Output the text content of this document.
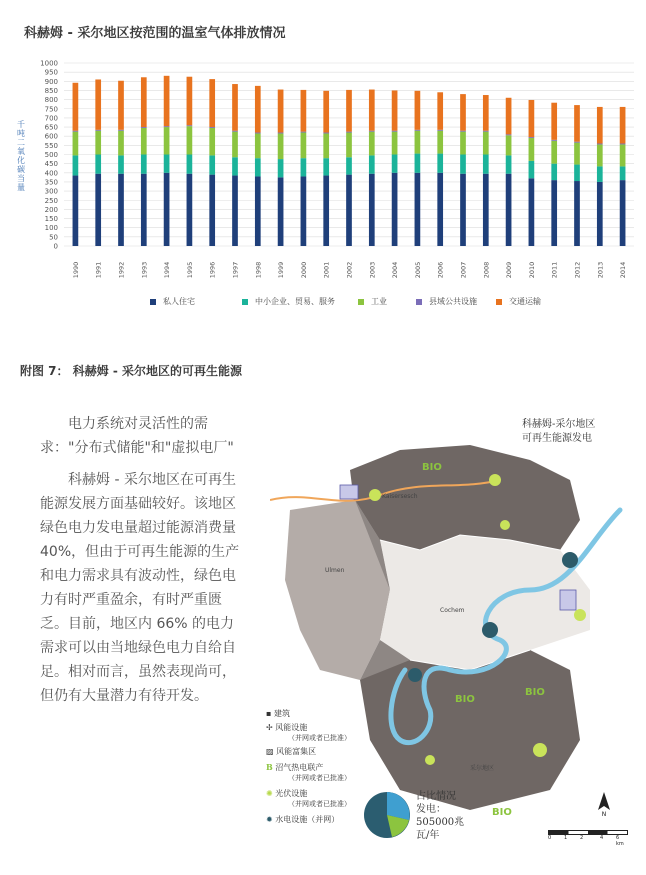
科赫姆 - 采尔地区按范围的温室气体排放情况
千
吨
二
氧
化
碳
当
量
0
50
100
150
200
250
300
350
400
450
500
550
600
650
700
750
800
850
900
950
1000
1990 1991 1992 1993 1994 1995 1996 1997 1998 1999 2000 2001 2002 2003 2004 2005 2006 2007 2008 2009 2010 2011 2012 2013 2014
私人住宅	中小企业、贸易、服务	工业	县域公共设施	交通运输
附图 7： 科赫姆 - 采尔地区的可再生能源

电力系统对灵活性的需求："分布式储能"和"虚拟电厂"

科赫姆 - 采尔地区在可再生能源发展方面基础较好。该地区绿色电力发电量超过能源消费量 40%，但由于可再生能源的生产和电力需求具有波动性，绿色电力有时严重盈余，有时严重匮乏。目前，地区内 66% 的电力需求可以由当地绿色电力自给自足。相对而言，虽然表现尚可，但仍有大量潜力有待开发。

科赫姆-采尔地区
可再生能源发电
BIO
BIO
BIO
BIO
Kaisersesch
Ulmen
Cochem
采尔地区
▪ 建筑
✢ 风能设施
（并网或者已批准）
▨ 风能富集区
B 沼气热电联产
（并网或者已批准）
✺ 光伏设施
（并网或者已批准）
✹ 水电设施（并网）
占比情况
发电：
505000兆
瓦/年
N
0	1	2	4	6 km
